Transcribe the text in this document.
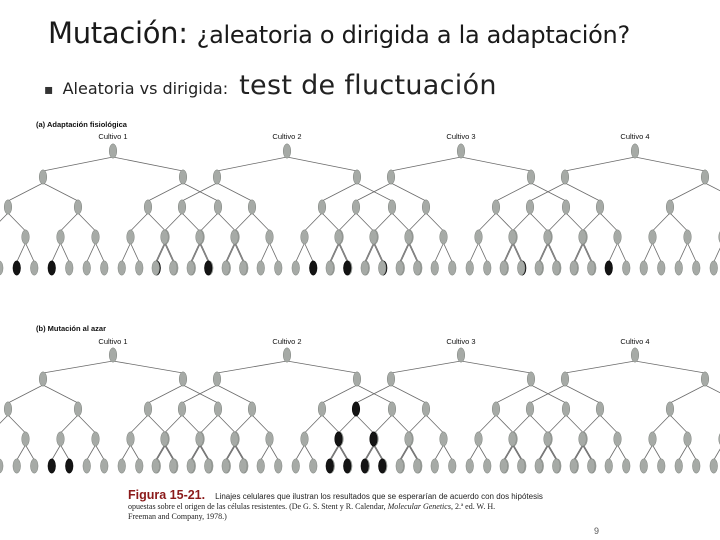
Mutación: ¿aleatoria o dirigida a la adaptación?
▪ Aleatoria vs dirigida: test de fluctuación
(a) Adaptación fisiológica
Cultivo 1	Cultivo 2	Cultivo 3	Cultivo 4
(b) Mutación al azar
Cultivo 1	Cultivo 2	Cultivo 3	Cultivo 4
Figura 15-21. Linajes celulares que ilustran los resultados que se esperarían de acuerdo con dos hipótesis
opuestas sobre el origen de las células resistentes. (De G. S. Stent y R. Calendar, Molecular Genetics, 2.ª ed. W. H.
Freeman and Company, 1978.)
9
